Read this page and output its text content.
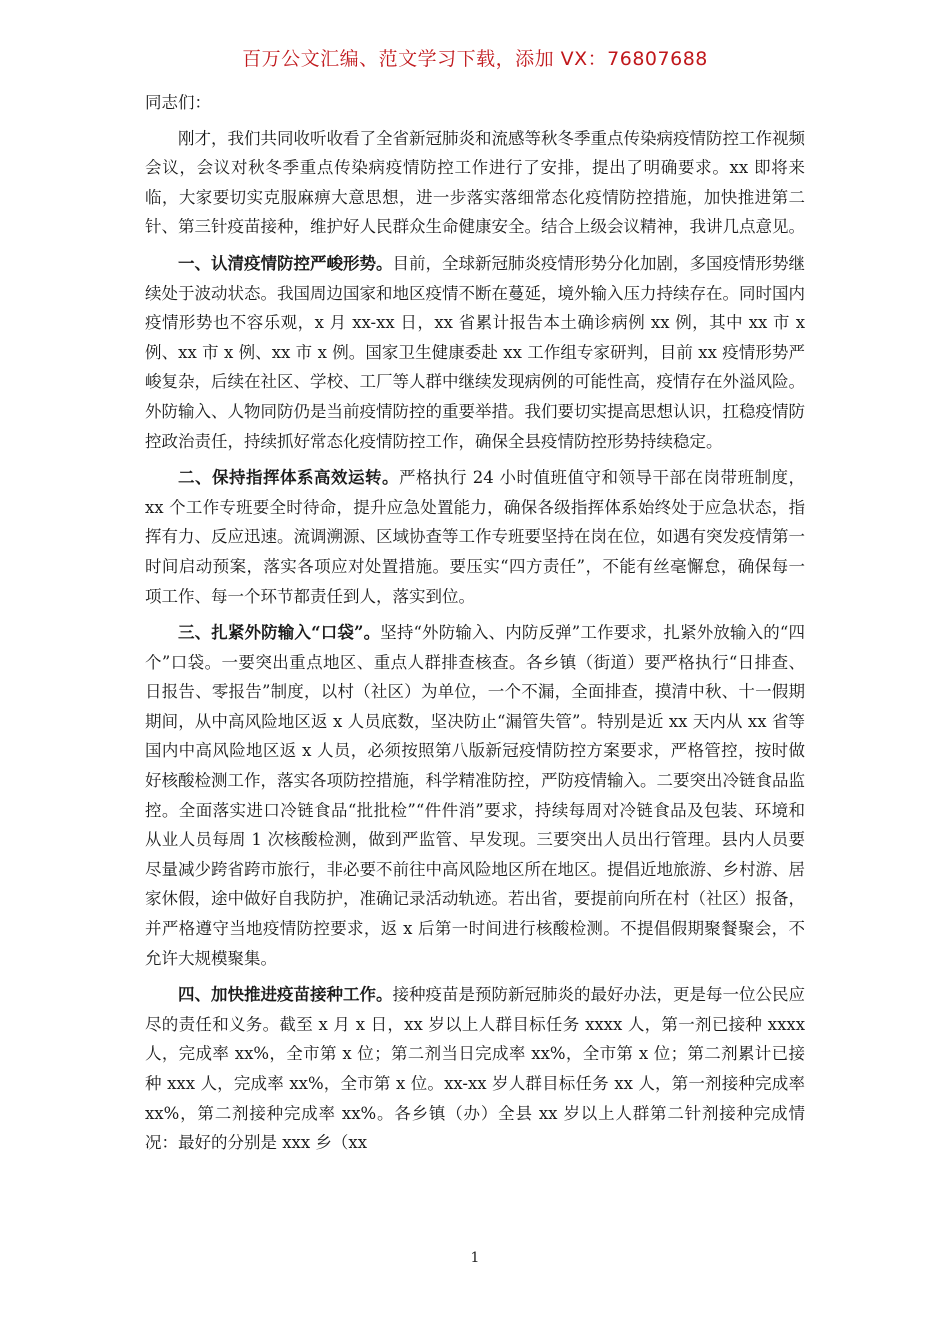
百万公文汇编、范文学习下载，添加 VX：76807688
同志们：

刚才，我们共同收听收看了全省新冠肺炎和流感等秋冬季重点传染病疫情防控工作视频会议，会议对秋冬季重点传染病疫情防控工作进行了安排，提出了明确要求。xx 即将来临，大家要切实克服麻痹大意思想，进一步落实落细常态化疫情防控措施，加快推进第二针、第三针疫苗接种，维护好人民群众生命健康安全。结合上级会议精神，我讲几点意见。

一、认清疫情防控严峻形势。目前，全球新冠肺炎疫情形势分化加剧，多国疫情形势继续处于波动状态。我国周边国家和地区疫情不断在蔓延，境外输入压力持续存在。同时国内疫情形势也不容乐观，x 月 xx-xx 日，xx 省累计报告本土确诊病例 xx 例，其中 xx 市 x 例、xx 市 x 例、xx 市 x 例。国家卫生健康委赴 xx 工作组专家研判，目前 xx 疫情形势严峻复杂，后续在社区、学校、工厂等人群中继续发现病例的可能性高，疫情存在外溢风险。外防输入、人物同防仍是当前疫情防控的重要举措。我们要切实提高思想认识，扛稳疫情防控政治责任，持续抓好常态化疫情防控工作，确保全县疫情防控形势持续稳定。

二、保持指挥体系高效运转。严格执行 24 小时值班值守和领导干部在岗带班制度，xx 个工作专班要全时待命，提升应急处置能力，确保各级指挥体系始终处于应急状态，指挥有力、反应迅速。流调溯源、区域协查等工作专班要坚持在岗在位，如遇有突发疫情第一时间启动预案，落实各项应对处置措施。要压实“四方责任”，不能有丝毫懈怠，确保每一项工作、每一个环节都责任到人，落实到位。

三、扎紧外防输入“口袋”。坚持“外防输入、内防反弹”工作要求，扎紧外放输入的“四个”口袋。一要突出重点地区、重点人群排查核查。各乡镇（街道）要严格执行“日排查、日报告、零报告”制度，以村（社区）为单位，一个不漏，全面排查，摸清中秋、十一假期期间，从中高风险地区返 x 人员底数，坚决防止“漏管失管”。特别是近 xx 天内从 xx 省等国内中高风险地区返 x 人员，必须按照第八版新冠疫情防控方案要求，严格管控，按时做好核酸检测工作，落实各项防控措施，科学精准防控，严防疫情输入。二要突出冷链食品监控。全面落实进口冷链食品“批批检”“件件消”要求，持续每周对冷链食品及包装、环境和从业人员每周 1 次核酸检测，做到严监管、早发现。三要突出人员出行管理。县内人员要尽量减少跨省跨市旅行，非必要不前往中高风险地区所在地区。提倡近地旅游、乡村游、居家休假，途中做好自我防护，准确记录活动轨迹。若出省，要提前向所在村（社区）报备，并严格遵守当地疫情防控要求，返 x 后第一时间进行核酸检测。不提倡假期聚餐聚会，不允许大规模聚集。

四、加快推进疫苗接种工作。接种疫苗是预防新冠肺炎的最好办法，更是每一位公民应尽的责任和义务。截至 x 月 x 日，xx 岁以上人群目标任务 xxxx 人，第一剂已接种 xxxx 人，完成率 xx%，全市第 x 位；第二剂当日完成率 xx%，全市第 x 位；第二剂累计已接种 xxx 人，完成率 xx%，全市第 x 位。xx-xx 岁人群目标任务 xx 人，第一剂接种完成率 xx%，第二剂接种完成率 xx%。各乡镇（办）全县 xx 岁以上人群第二针剂接种完成情况：最好的分别是 xxx 乡（xx

1
